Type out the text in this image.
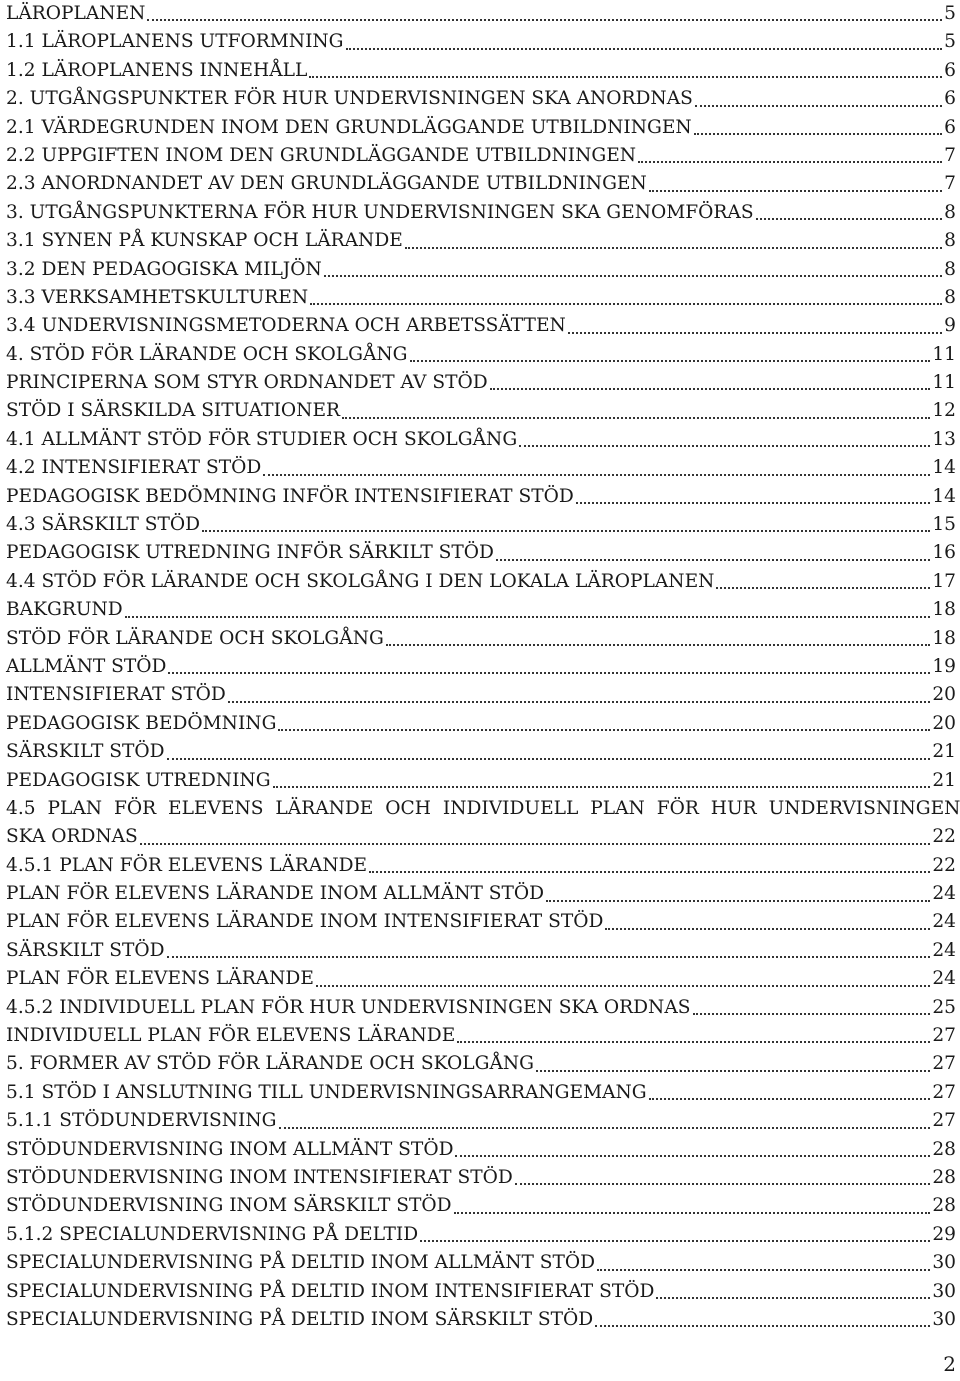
LÄROPLANEN	5
1.1 LÄROPLANENS UTFORMNING	5
1.2 LÄROPLANENS INNEHÅLL	6
2. UTGÅNGSPUNKTER FÖR HUR UNDERVISNINGEN SKA ANORDNAS	6
2.1 VÄRDEGRUNDEN INOM DEN GRUNDLÄGGANDE UTBILDNINGEN	6
2.2 UPPGIFTEN INOM DEN GRUNDLÄGGANDE UTBILDNINGEN	7
2.3 ANORDNANDET AV DEN GRUNDLÄGGANDE UTBILDNINGEN	7
3. UTGÅNGSPUNKTERNA FÖR HUR UNDERVISNINGEN SKA GENOMFÖRAS	8
3.1 SYNEN PÅ KUNSKAP OCH LÄRANDE	8
3.2 DEN PEDAGOGISKA MILJÖN	8
3.3 VERKSAMHETSKULTUREN	8
3.4 UNDERVISNINGSMETODERNA OCH ARBETSSÄTTEN	9
4. STÖD FÖR LÄRANDE OCH SKOLGÅNG	11
PRINCIPERNA SOM STYR ORDNANDET AV STÖD	11
STÖD I SÄRSKILDA SITUATIONER	12
4.1 ALLMÄNT STÖD FÖR STUDIER OCH SKOLGÅNG	13
4.2 INTENSIFIERAT STÖD	14
PEDAGOGISK BEDÖMNING INFÖR INTENSIFIERAT STÖD	14
4.3 SÄRSKILT STÖD	15
PEDAGOGISK UTREDNING INFÖR SÄRKILT STÖD	16
4.4 STÖD FÖR LÄRANDE OCH SKOLGÅNG I DEN LOKALA LÄROPLANEN	17
BAKGRUND	18
STÖD FÖR LÄRANDE OCH SKOLGÅNG	18
ALLMÄNT STÖD	19
INTENSIFIERAT STÖD	20
PEDAGOGISK BEDÖMNING	20
SÄRSKILT STÖD	21
PEDAGOGISK UTREDNING	21
4.5 PLAN FÖR ELEVENS LÄRANDE OCH INDIVIDUELL PLAN FÖR HUR UNDERVISNINGEN
SKA ORDNAS	22
4.5.1 PLAN FÖR ELEVENS LÄRANDE	22
PLAN FÖR ELEVENS LÄRANDE INOM ALLMÄNT STÖD	24
PLAN FÖR ELEVENS LÄRANDE INOM INTENSIFIERAT STÖD	24
SÄRSKILT STÖD	24
PLAN FÖR ELEVENS LÄRANDE	24
4.5.2 INDIVIDUELL PLAN FÖR HUR UNDERVISNINGEN SKA ORDNAS	25
INDIVIDUELL PLAN FÖR ELEVENS LÄRANDE	27
5. FORMER AV STÖD FÖR LÄRANDE OCH SKOLGÅNG	27
5.1 STÖD I ANSLUTNING TILL UNDERVISNINGSARRANGEMANG	27
5.1.1 STÖDUNDERVISNING	27
STÖDUNDERVISNING INOM ALLMÄNT STÖD	28
STÖDUNDERVISNING INOM INTENSIFIERAT STÖD	28
STÖDUNDERVISNING INOM SÄRSKILT STÖD	28
5.1.2 SPECIALUNDERVISNING PÅ DELTID	29
SPECIALUNDERVISNING PÅ DELTID INOM ALLMÄNT STÖD	30
SPECIALUNDERVISNING PÅ DELTID INOM INTENSIFIERAT STÖD	30
SPECIALUNDERVISNING PÅ DELTID INOM SÄRSKILT STÖD	30
2
